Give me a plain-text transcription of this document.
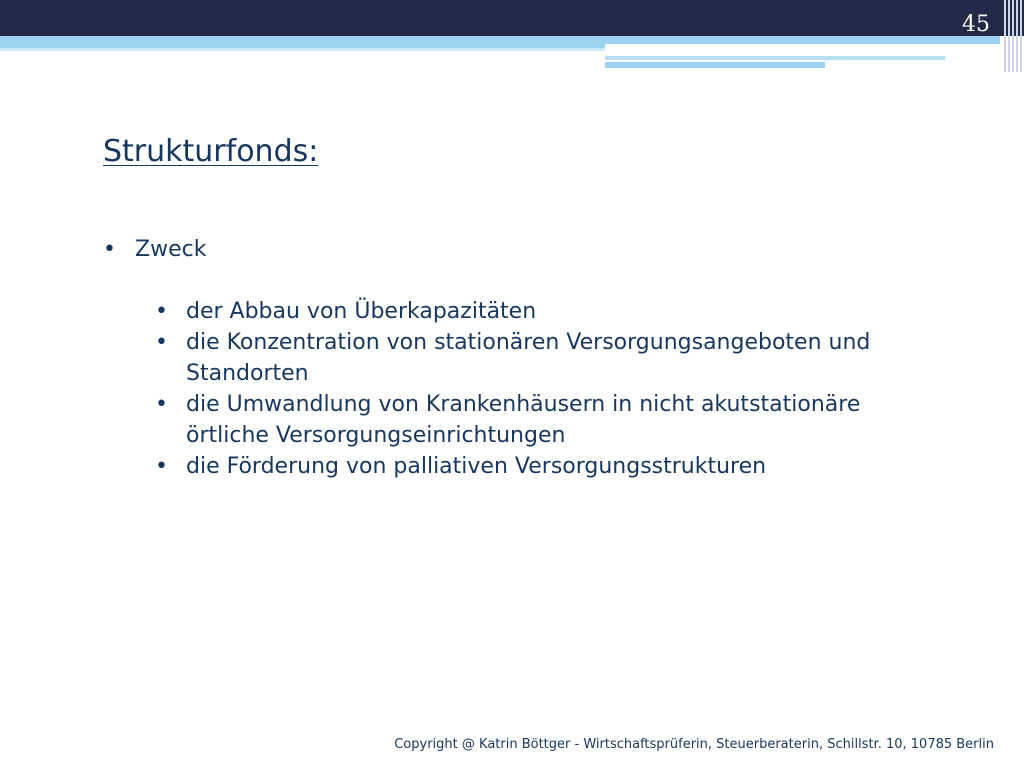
45
Strukturfonds:
• Zweck
• der Abbau von Überkapazitäten
• die Konzentration von stationären Versorgungsangeboten und Standorten
• die Umwandlung von Krankenhäusern in nicht akutstationäre örtliche Versorgungseinrichtungen
• die Förderung von palliativen Versorgungsstrukturen
Copyright @ Katrin Böttger - Wirtschaftsprüferin, Steuerberaterin, Schillstr. 10, 10785 Berlin
